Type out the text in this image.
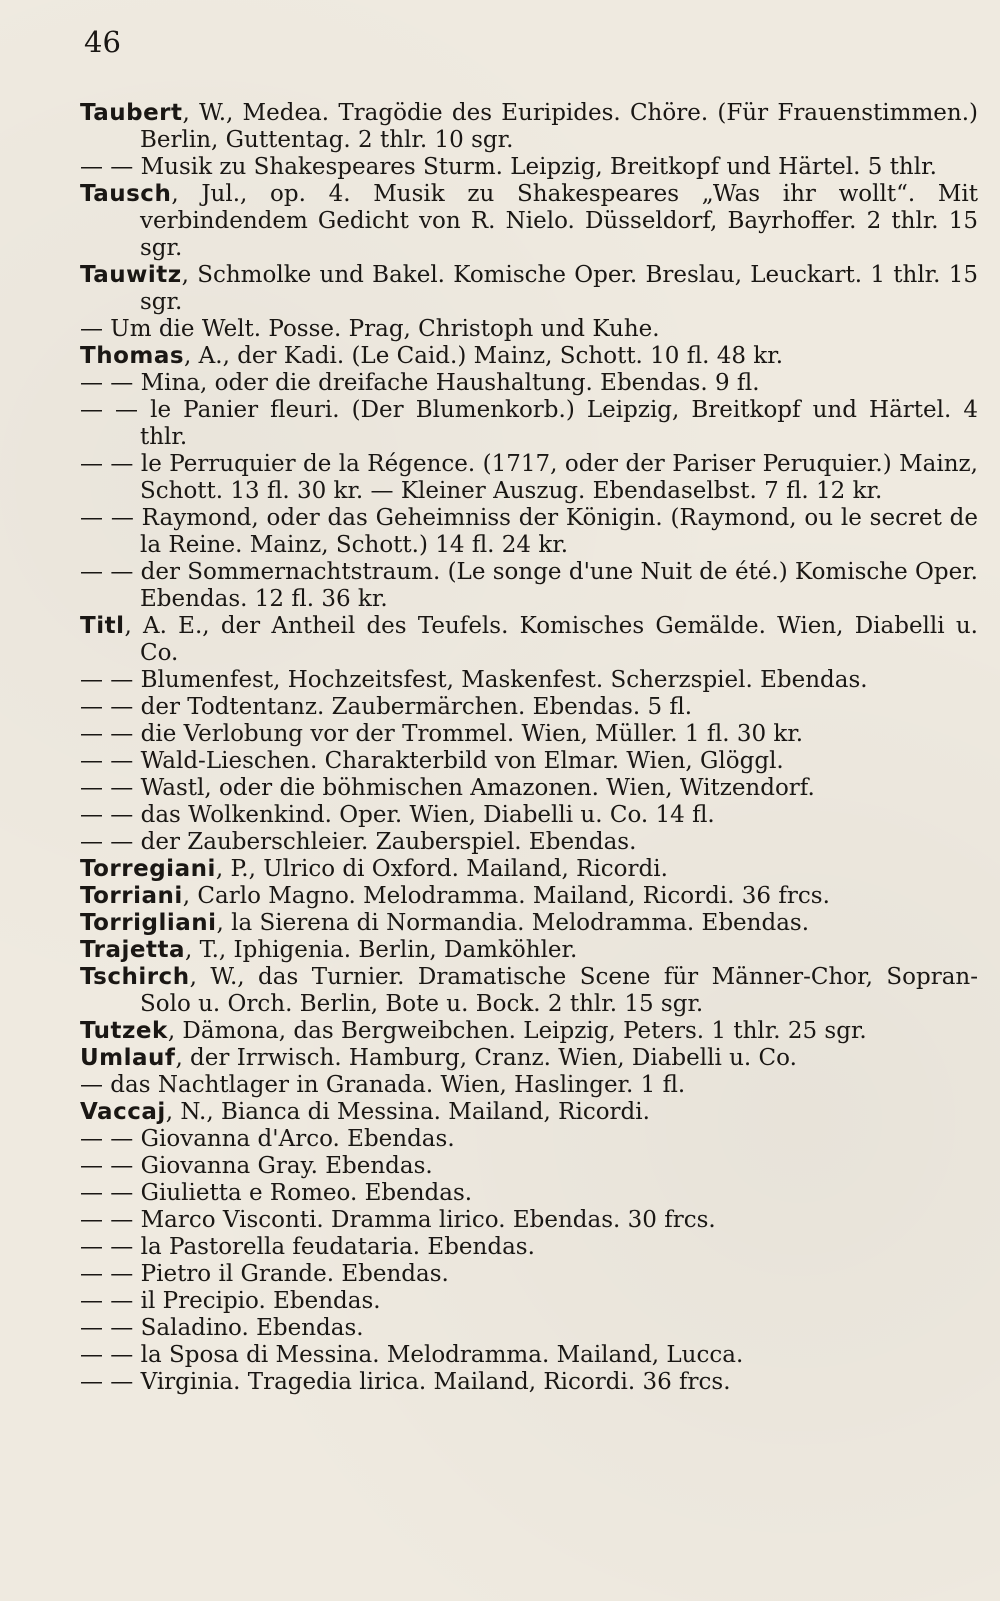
46

Taubert, W., Medea. Tragödie des Euripides. Chöre. (Für Frauenstimmen.) Berlin, Guttentag. 2 thlr. 10 sgr.

— — Musik zu Shakespeares Sturm. Leipzig, Breitkopf und Härtel. 5 thlr.

Tausch, Jul., op. 4. Musik zu Shakespeares „Was ihr wollt“. Mit verbindendem Gedicht von R. Nielo. Düsseldorf, Bayrhoffer. 2 thlr. 15 sgr.

Tauwitz, Schmolke und Bakel. Komische Oper. Breslau, Leuckart. 1 thlr. 15 sgr.

— Um die Welt. Posse. Prag, Christoph und Kuhe.

Thomas, A., der Kadi. (Le Caid.) Mainz, Schott. 10 fl. 48 kr.

— — Mina, oder die dreifache Haushaltung. Ebendas. 9 fl.

— — le Panier fleuri. (Der Blumenkorb.) Leipzig, Breitkopf und Härtel. 4 thlr.

— — le Perruquier de la Régence. (1717, oder der Pariser Peruquier.) Mainz, Schott. 13 fl. 30 kr. — Kleiner Auszug. Ebendaselbst. 7 fl. 12 kr.

— — Raymond, oder das Geheimniss der Königin. (Raymond, ou le secret de la Reine. Mainz, Schott.) 14 fl. 24 kr.

— — der Sommernachtstraum. (Le songe d'une Nuit de été.) Komische Oper. Ebendas. 12 fl. 36 kr.

Titl, A. E., der Antheil des Teufels. Komisches Gemälde. Wien, Diabelli u. Co.

— — Blumenfest, Hochzeitsfest, Maskenfest. Scherzspiel. Ebendas.

— — der Todtentanz. Zaubermärchen. Ebendas. 5 fl.

— — die Verlobung vor der Trommel. Wien, Müller. 1 fl. 30 kr.

— — Wald-Lieschen. Charakterbild von Elmar. Wien, Glöggl.

— — Wastl, oder die böhmischen Amazonen. Wien, Witzendorf.

— — das Wolkenkind. Oper. Wien, Diabelli u. Co. 14 fl.

— — der Zauberschleier. Zauberspiel. Ebendas.

Torregiani, P., Ulrico di Oxford. Mailand, Ricordi.

Torriani, Carlo Magno. Melodramma. Mailand, Ricordi. 36 frcs.

Torrigliani, la Sierena di Normandia. Melodramma. Ebendas.

Trajetta, T., Iphigenia. Berlin, Damköhler.

Tschirch, W., das Turnier. Dramatische Scene für Männer-Chor, Sopran-Solo u. Orch. Berlin, Bote u. Bock. 2 thlr. 15 sgr.

Tutzek, Dämona, das Bergweibchen. Leipzig, Peters. 1 thlr. 25 sgr.

Umlauf, der Irrwisch. Hamburg, Cranz. Wien, Diabelli u. Co.

— das Nachtlager in Granada. Wien, Haslinger. 1 fl.

Vaccaj, N., Bianca di Messina. Mailand, Ricordi.

— — Giovanna d'Arco. Ebendas.

— — Giovanna Gray. Ebendas.

— — Giulietta e Romeo. Ebendas.

— — Marco Visconti. Dramma lirico. Ebendas. 30 frcs.

— — la Pastorella feudataria. Ebendas.

— — Pietro il Grande. Ebendas.

— — il Precipio. Ebendas.

— — Saladino. Ebendas.

— — la Sposa di Messina. Melodramma. Mailand, Lucca.

— — Virginia. Tragedia lirica. Mailand, Ricordi. 36 frcs.
